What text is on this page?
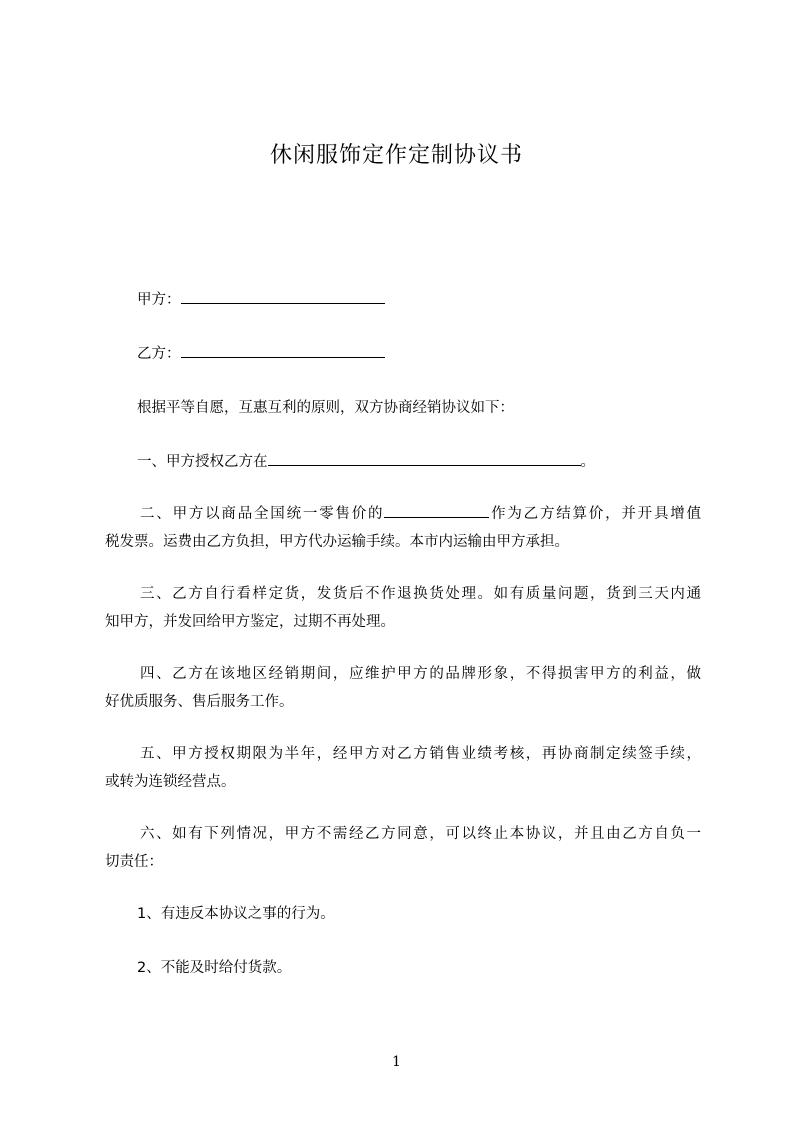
休闲服饰定作定制协议书
甲方：
乙方：
根据平等自愿，互惠互利的原则，双方协商经销协议如下：
一、甲方授权乙方在	。

二、甲方以商品全国统一零售价的	作为乙方结算价，并开具增值

税发票。运费由乙方负担，甲方代办运输手续。本市内运输由甲方承担。

三、乙方自行看样定货，发货后不作退换货处理。如有质量问题，货到三天内通

知甲方，并发回给甲方鉴定，过期不再处理。

四、乙方在该地区经销期间，应维护甲方的品牌形象，不得损害甲方的利益，做

好优质服务、售后服务工作。

五、甲方授权期限为半年，经甲方对乙方销售业绩考核，再协商制定续签手续，

或转为连锁经营点。

六、如有下列情况，甲方不需经乙方同意，可以终止本协议，并且由乙方自负一

切责任：

1、有违反本协议之事的行为。
2、不能及时给付货款。
1
